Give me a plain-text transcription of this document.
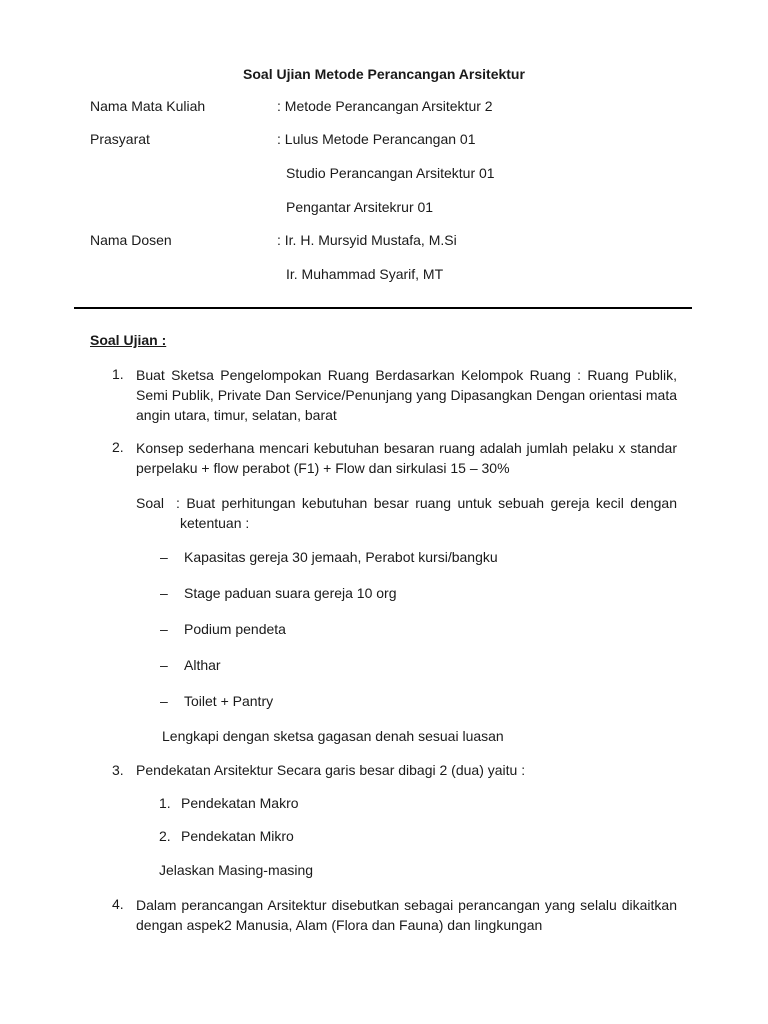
Soal Ujian Metode Perancangan Arsitektur
Nama Mata Kuliah	: Metode Perancangan Arsitektur 2
Prasyarat	: Lulus Metode Perancangan 01
Studio Perancangan Arsitektur 01
Pengantar Arsitekrur 01
Nama Dosen	: Ir. H. Mursyid Mustafa, M.Si
Ir. Muhammad Syarif, MT
Soal Ujian :
1. Buat Sketsa Pengelompokan Ruang Berdasarkan Kelompok Ruang : Ruang Publik, Semi Publik, Private Dan Service/Penunjang yang Dipasangkan Dengan orientasi mata angin utara, timur, selatan, barat
2. Konsep sederhana mencari kebutuhan besaran ruang adalah jumlah pelaku x standar perpelaku + flow perabot (F1) + Flow dan sirkulasi 15 – 30%
Soal : Buat perhitungan kebutuhan besar ruang untuk sebuah gereja kecil dengan ketentuan :
– Kapasitas gereja 30 jemaah, Perabot kursi/bangku
– Stage paduan suara gereja 10 org
– Podium pendeta
– Althar
– Toilet + Pantry
Lengkapi dengan sketsa gagasan denah sesuai luasan
3. Pendekatan Arsitektur Secara garis besar dibagi 2 (dua) yaitu :
1. Pendekatan Makro
2. Pendekatan Mikro
Jelaskan Masing-masing
4. Dalam perancangan Arsitektur disebutkan sebagai perancangan yang selalu dikaitkan dengan aspek2 Manusia, Alam (Flora dan Fauna) dan lingkungan
